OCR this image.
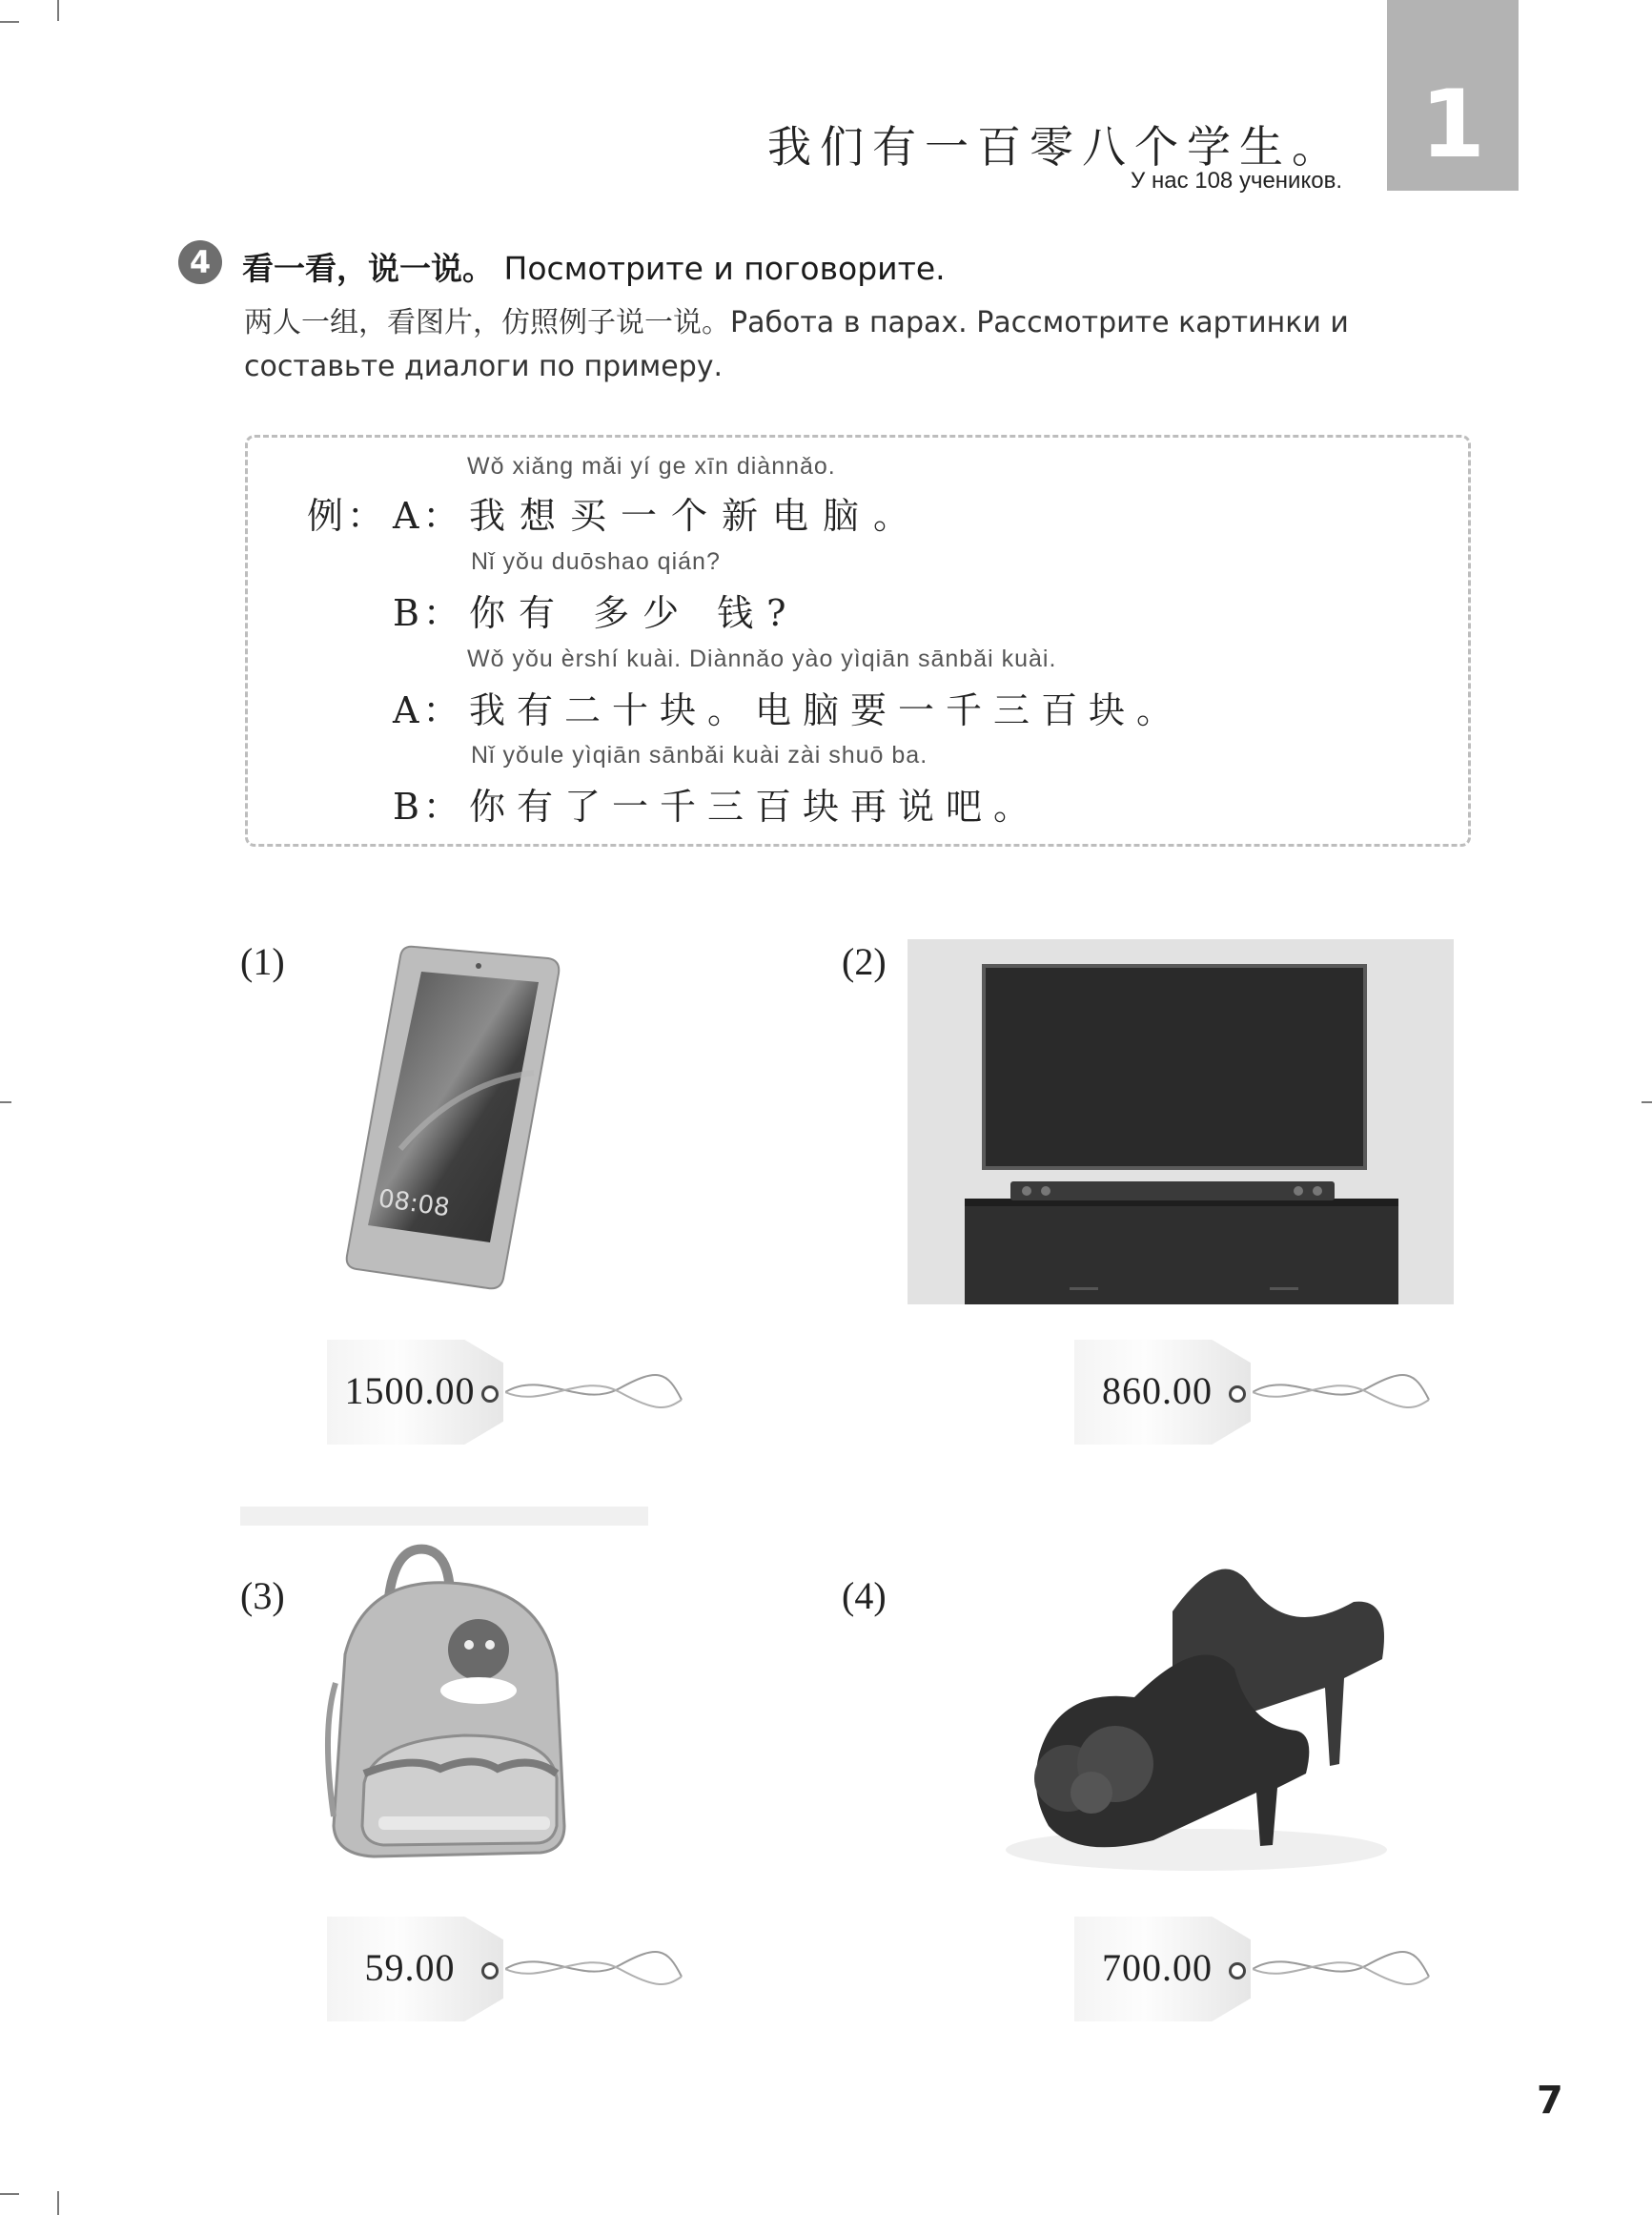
我们有一百零八个学生。
У нас 108 учеников.
1
4 看一看，说一说。 Посмотрите и поговорите.
两人一组，看图片，仿照例子说一说。Работа в парах. Рассмотрите картинки и составьте диалоги по примеру.
例：
Wǒ xiǎng mǎi yí ge xīn diànnǎo.
A： 我想买一个新电脑。
Nǐ yǒu duōshao qián?
B： 你有 多少 钱?
Wǒ yǒu èrshí kuài. Diànnǎo yào yìqiān sānbǎi kuài.
A： 我有二十块。电脑要一千三百块。
Nǐ yǒule yìqiān sānbǎi kuài zài shuō ba.
B： 你有了一千三百块再说吧。
(1)
08:08
1500.00
(2)
860.00
(3)
59.00
(4)
700.00
7
